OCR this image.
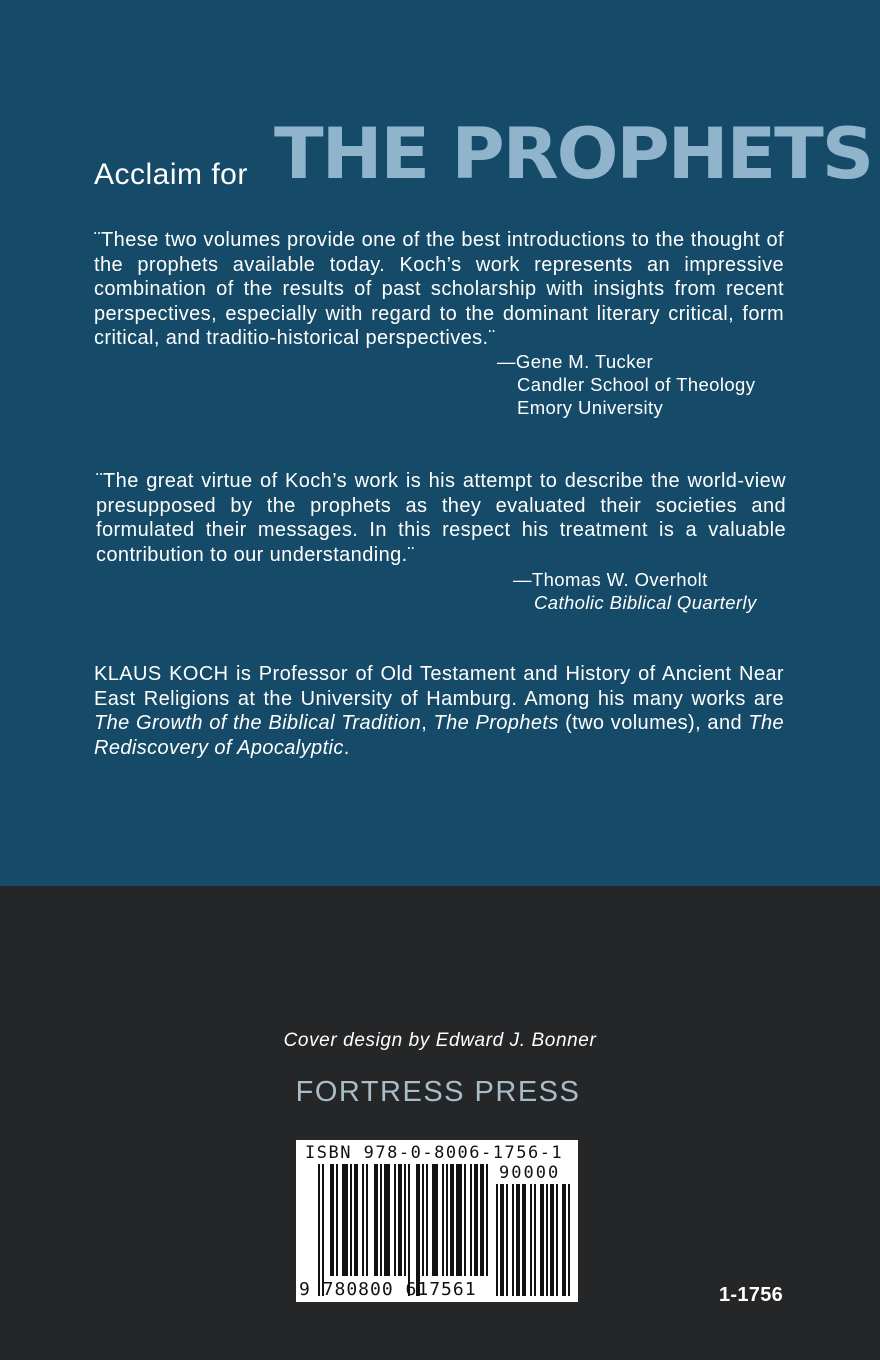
Acclaim for THE PROPHETS
¨These two volumes provide one of the best introductions to the thought of the prophets available today. Koch’s work represents an impressive combination of the results of past scholarship with insights from recent perspectives, especially with regard to the dominant literary critical, form critical, and traditio-historical perspectives.¨
—Gene M. Tucker
Candler School of Theology
Emory University
¨The great virtue of Koch’s work is his attempt to describe the world-view presupposed by the prophets as they evaluated their societies and formulated their messages. In this respect his treatment is a valuable contribution to our understanding.¨
—Thomas W. Overholt
Catholic Biblical Quarterly
KLAUS KOCH is Professor of Old Testament and History of Ancient Near East Religions at the University of Hamburg. Among his many works are The Growth of the Biblical Tradition, The Prophets (two volumes), and The Rediscovery of Apocalyptic.
Cover design by Edward J. Bonner
FORTRESS PRESS
ISBN 978-0-8006-1756-1
90000
9 780800 617561	1-1756
